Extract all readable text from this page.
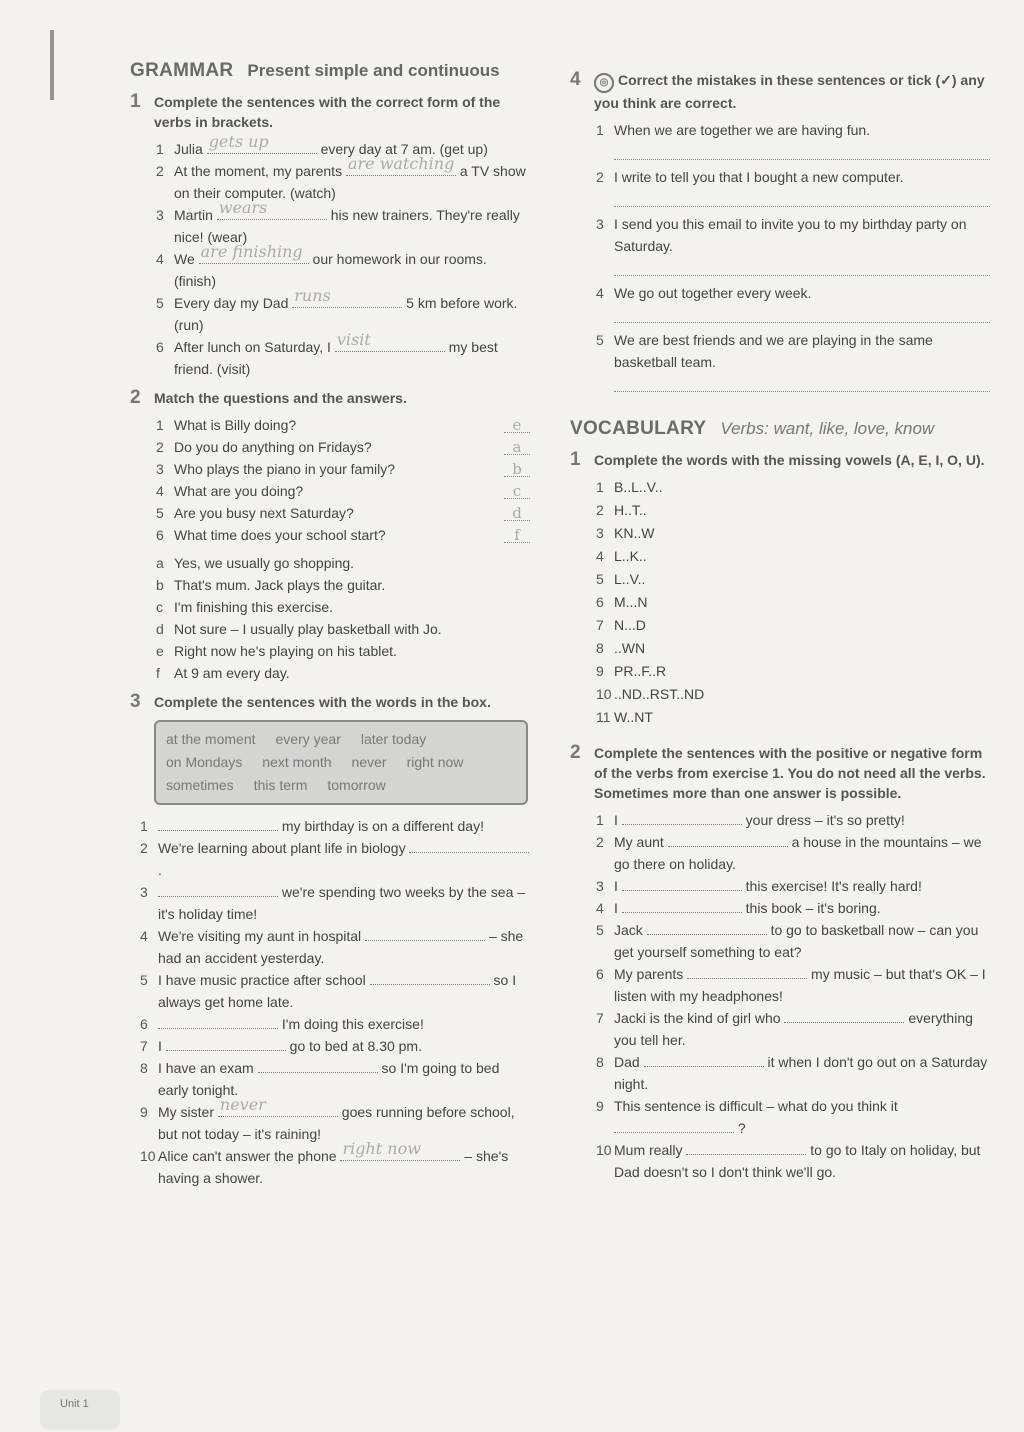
GRAMMAR Present simple and continuous
1 Complete the sentences with the correct form of the verbs in brackets.
1 Julia gets up	every day at 7 am. (get up)
2 At the moment, my parents are watching a TV show on their computer. (watch)
3 Martin wears	his new trainers. They're really nice! (wear)
4 We are finishing our homework in our rooms. (finish)
5 Every day my Dad runs	5 km before work. (run)
6 After lunch on Saturday, I visit	my best friend. (visit)
2 Match the questions and the answers.
1 What is Billy doing?	e
2 Do you do anything on Fridays?	a
3 Who plays the piano in your family?	b
4 What are you doing?	c
5 Are you busy next Saturday?	d
6 What time does your school start?	f
a Yes, we usually go shopping.
b That's mum. Jack plays the guitar.
c I'm finishing this exercise.
d Not sure – I usually play basketball with Jo.
e Right now he's playing on his tablet.
f	At 9 am every day.
3 Complete the sentences with the words in the box.
at the moment every year later today
on Mondays next month never right now
sometimes this term tomorrow
1	my birthday is on a different day!
2 We're learning about plant life in biology  .
3	we're spending two weeks by the sea – it's holiday time!
4 We're visiting my aunt in hospital	– she had an accident yesterday.
5 I have music practice after school	so I always get home late.
6	I'm doing this exercise!
7 I	go to bed at 8.30 pm.
8 I have an exam	so I'm going to bed early tonight.
9 My sister never	goes running before school, but not today – it's raining!
10 Alice can't answer the phone right now	– she's having a shower.
4	◎ Correct the mistakes in these sentences or tick (✓) any you think are correct.
1 When we are together we are having fun.
2 I write to tell you that I bought a new computer.
3 I send you this email to invite you to my birthday party on Saturday.
4 We go out together every week.
5 We are best friends and we are playing in the same basketball team.
VOCABULARY Verbs: want, like, love, know
1 Complete the words with the missing vowels (A, E, I, O, U).
1 B..L..V..
2 H..T..
3 KN..W
4 L..K..
5 L..V..
6 M...N
7 N...D
8 ..WN
9 PR..F..R
10 ..ND..RST..ND
11 W..NT
2 Complete the sentences with the positive or negative form of the verbs from exercise 1. You do not need all the verbs. Sometimes more than one answer is possible.
1 I	your dress – it's so pretty!
2 My aunt	a house in the mountains – we go there on holiday.
3 I	this exercise! It's really hard!
4 I	this book – it's boring.
5 Jack	to go to basketball now – can you get yourself something to eat?
6 My parents	my music – but that's OK – I listen with my headphones!
7 Jacki is the kind of girl who	everything you tell her.
8 Dad	it when I don't go out on a Saturday night.
9 This sentence is difficult – what do you think it  ?
10 Mum really	to go to Italy on holiday, but Dad doesn't so I don't think we'll go.
Unit 1
